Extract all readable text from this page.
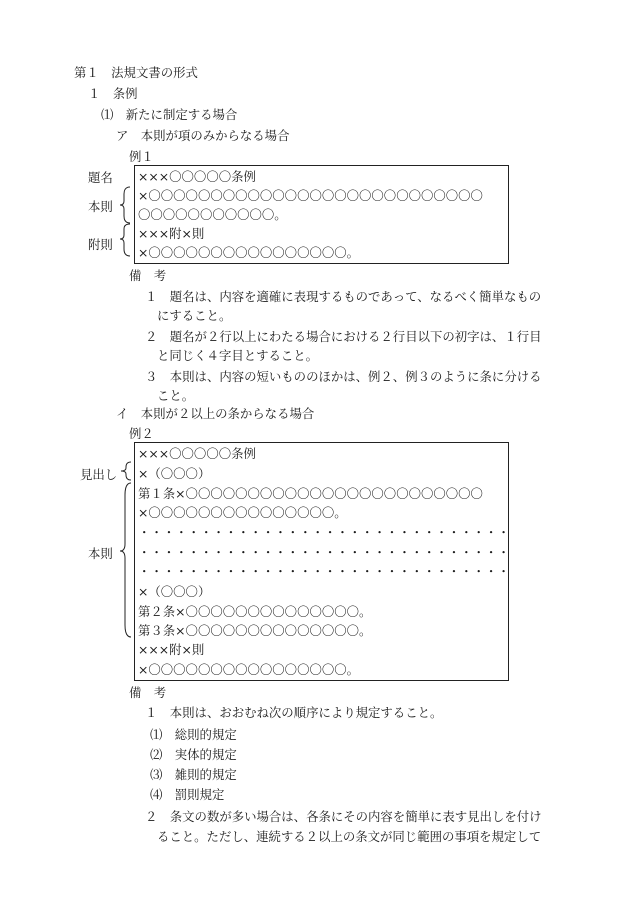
第１　法規文書の形式
１　条例
⑴　新たに制定する場合
ア　本則が項のみからなる場合
例１
×××〇〇〇〇〇条例
×〇〇〇〇〇〇〇〇〇〇〇〇〇〇〇〇〇〇〇〇〇〇〇〇〇〇〇
〇〇〇〇〇〇〇〇〇〇〇。
×××附×則
×〇〇〇〇〇〇〇〇〇〇〇〇〇〇〇〇。
題名
本則
附則
備　考
１　題名は、内容を適確に表現するものであって、なるべく簡単なもの
にすること。
２　題名が２行以上にわたる場合における２行目以下の初字は、１行目
と同じく４字目とすること。
３　本則は、内容の短いもののほかは、例２、例３のように条に分ける
こと。
イ　本則が２以上の条からなる場合
例２
×××〇〇〇〇〇条例
×（〇〇〇）
第１条×〇〇〇〇〇〇〇〇〇〇〇〇〇〇〇〇〇〇〇〇〇〇〇〇
×〇〇〇〇〇〇〇〇〇〇〇〇〇〇〇。
・・・・・・・・・・・・・・・・・・・・・・・・・・・・・・
・・・・・・・・・・・・・・・・・・・・・・・・・・・・・・
・・・・・・・・・・・・・・・・・・・・・・・・・・・・・・
×（〇〇〇）
第２条×〇〇〇〇〇〇〇〇〇〇〇〇〇〇。
第３条×〇〇〇〇〇〇〇〇〇〇〇〇〇〇。
×××附×則
×〇〇〇〇〇〇〇〇〇〇〇〇〇〇〇〇。
見出し
本則
備　考
１　本則は、おおむね次の順序により規定すること。
⑴　総則的規定
⑵　実体的規定
⑶　雑則的規定
⑷　罰則規定
２　条文の数が多い場合は、各条にその内容を簡単に表す見出しを付け
ること。ただし、連続する２以上の条文が同じ範囲の事項を規定して
